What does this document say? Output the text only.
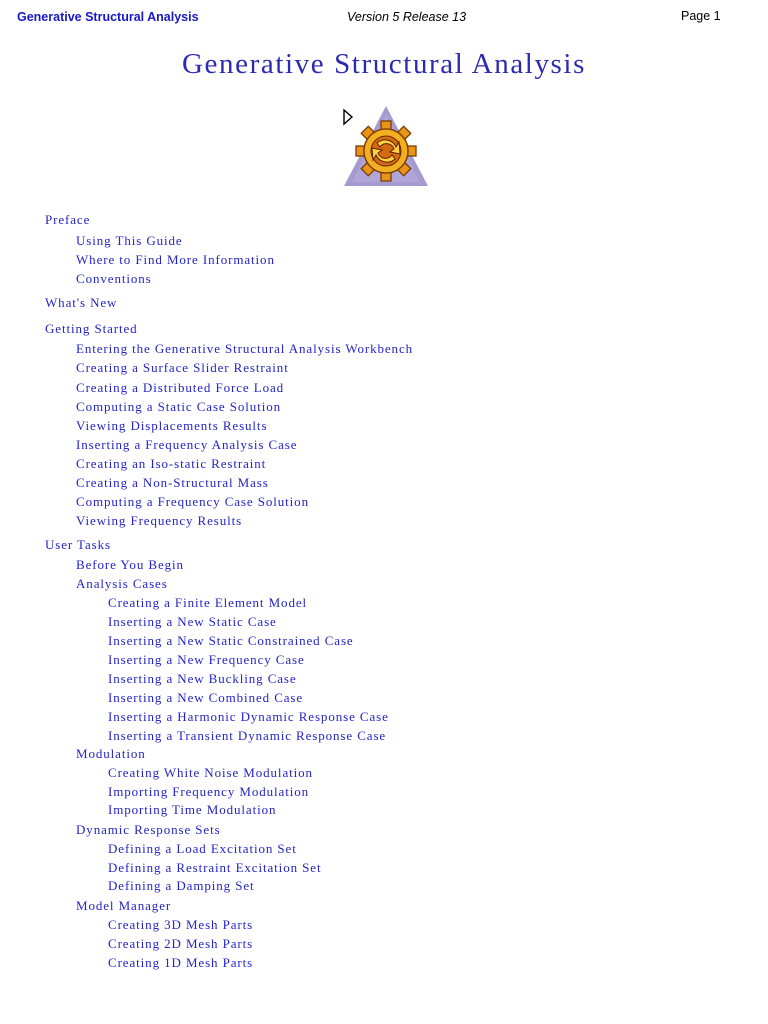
Generative Structural Analysis	Version 5 Release 13	Page 1
Generative Structural Analysis
Preface
Using This Guide
Where to Find More Information
Conventions
What's New
Getting Started
Entering the Generative Structural Analysis Workbench
Creating a Surface Slider Restraint
Creating a Distributed Force Load
Computing a Static Case Solution
Viewing Displacements Results
Inserting a Frequency Analysis Case
Creating an Iso-static Restraint
Creating a Non-Structural Mass
Computing a Frequency Case Solution
Viewing Frequency Results
User Tasks
Before You Begin
Analysis Cases
Creating a Finite Element Model
Inserting a New Static Case
Inserting a New Static Constrained Case
Inserting a New Frequency Case
Inserting a New Buckling Case
Inserting a New Combined Case
Inserting a Harmonic Dynamic Response Case
Inserting a Transient Dynamic Response Case
Modulation
Creating White Noise Modulation
Importing Frequency Modulation
Importing Time Modulation
Dynamic Response Sets
Defining a Load Excitation Set
Defining a Restraint Excitation Set
Defining a Damping Set
Model Manager
Creating 3D Mesh Parts
Creating 2D Mesh Parts
Creating 1D Mesh Parts
